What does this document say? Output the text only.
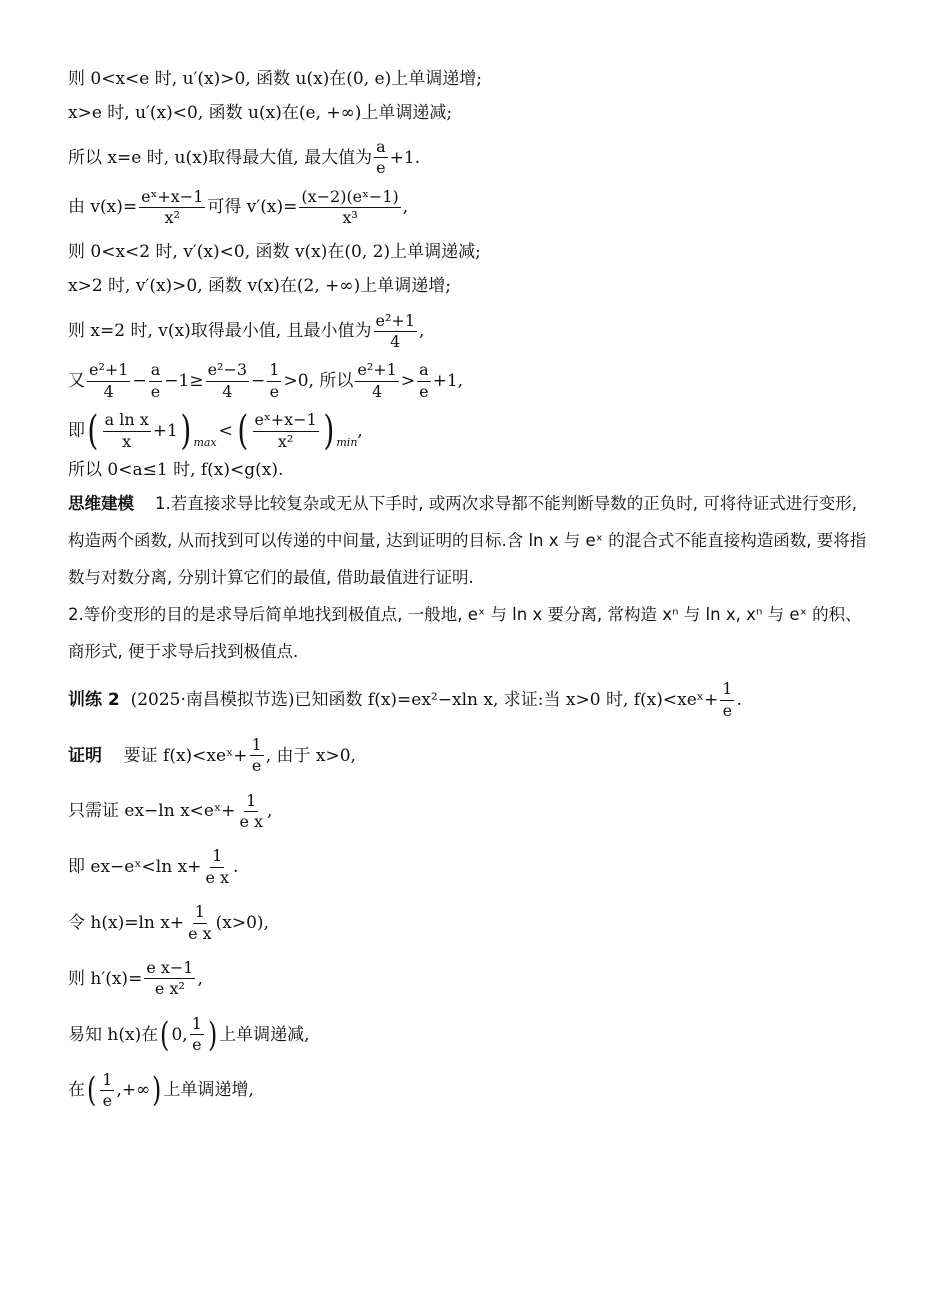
则 0<x<e 时, u′(x)>0, 函数 u(x)在(0, e)上单调递增;
x>e 时, u′(x)<0, 函数 u(x)在(e, +∞)上单调递减;
所以 x=e 时, u(x)取得最大值, 最大值为 $\frac{a}{e} +1$.
由 $v(x)= \frac{\text{eˣ+x−1}}{\text{x²}}$ 可得 $v'(x)= \frac{\text{(x−2)(eˣ−1)}}{\text{x³}}$ ,
则 0<x<2 时, v′(x)<0, 函数 v(x)在(0, 2)上单调递减;
x>2 时, v′(x)>0, 函数 v(x)在(2, +∞)上单调递增;
则 x=2 时, v(x)取得最小值, 且最小值为 $\frac{\text{e²+1}}{4}$ ,
又 $\frac{\text{e²+1}}{4} - \frac{a}{e} -1\ge \frac{\text{e²−3}}{4} - \frac{1}{e} >0$, 所以 $\frac{\text{e²+1}}{4} > \frac{a}{e} +1$,
即 ( $\frac{\text{a ln x}}{x} +1$ ) max
< ( $\frac{\text{eˣ+x−1}}{\text{x²}}$ ) min
,
所以 0<a≤1 时, f(x)<g(x).
思维建模 1.若直接求导比较复杂或无从下手时, 或两次求导都不能判断导数的正负时, 可将待证式进行变形, 构造两个函数, 从而找到可以传递的中间量, 达到证明的目标.含 ln x 与 eˣ 的混合式不能直接构造函数, 要将指数与对数分离, 分别计算它们的最值, 借助最值进行证明.
2.等价变形的目的是求导后简单地找到极值点, 一般地, eˣ 与 ln x 要分离, 常构造 xⁿ 与 ln x, xⁿ 与 eˣ 的积、商形式, 便于求导后找到极值点.
训练 2
(2025·南昌模拟节选)已知函数 f(x)=ex²−xln x, 求证:当 x>0 时, f(x)<xeˣ+ $\frac{1}{e}$ .
证明
要证 f(x)<xeˣ+ $\frac{1}{e}$ , 由于 x>0,
只需证 ex−ln x<eˣ+ $\frac{1}{\text{e x}}$ ,
即 ex−eˣ<ln $x+ \frac{1}{\text{e x}}$ .
令 h(x)=ln $x+ \frac{1}{\text{e x}} (x>0)$,
则 $h'(x)= \frac{\text{e x−1}}{\text{e x²}}$ ,
易知 h(x)在 ( 0, $\frac{1}{e}$ ) 上单调递减,
在 ( $\frac{1}{e}$ ,+∞ ) 上单调递增,
